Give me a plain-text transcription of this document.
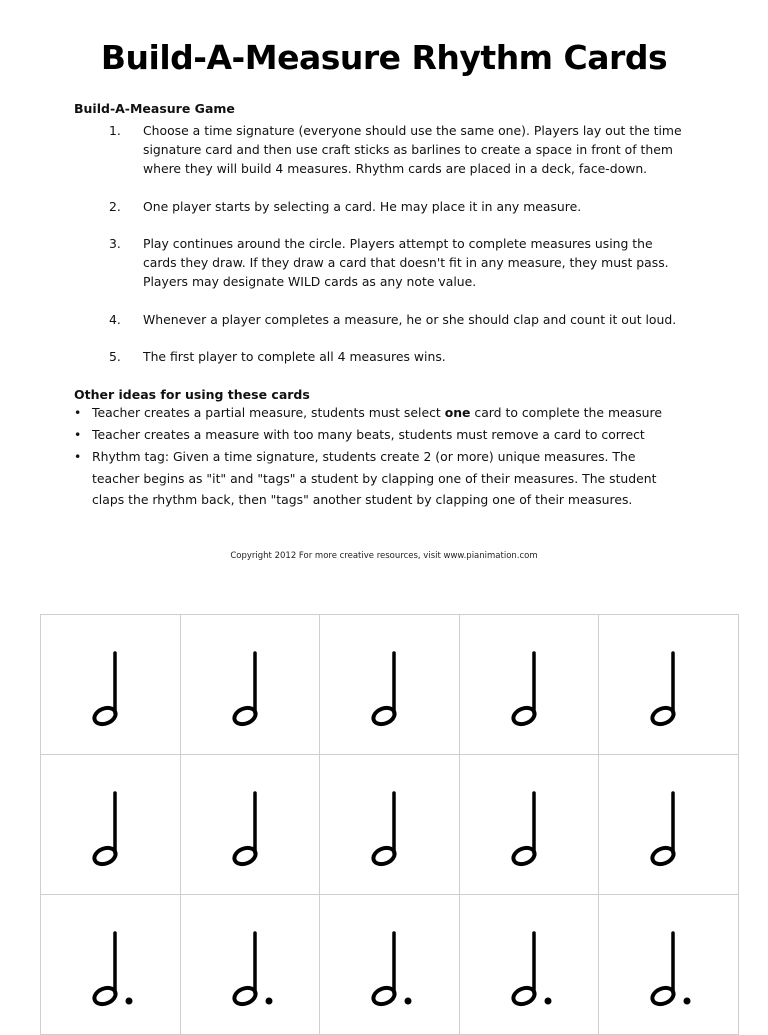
Build-A-Measure Rhythm Cards
Build-A-Measure Game
1.	Choose a time signature (everyone should use the same one). Players lay out the time
signature card and then use craft sticks as barlines to create a space in front of them
where they will build 4 measures. Rhythm cards are placed in a deck, face-down.
2.	One player starts by selecting a card. He may place it in any measure.
3.	Play continues around the circle. Players attempt to complete measures using the
cards they draw. If they draw a card that doesn't fit in any measure, they must pass.
Players may designate WILD cards as any note value.
4.	Whenever a player completes a measure, he or she should clap and count it out loud.
5.	The first player to complete all 4 measures wins.
Other ideas for using these cards
• Teacher creates a partial measure, students must select one card to complete the measure
• Teacher creates a measure with too many beats, students must remove a card to correct
• Rhythm tag: Given a time signature, students create 2 (or more) unique measures. The
teacher begins as "it" and "tags" a student by clapping one of their measures. The student
claps the rhythm back, then "tags" another student by clapping one of their measures.
Copyright 2012 For more creative resources, visit www.pianimation.com
